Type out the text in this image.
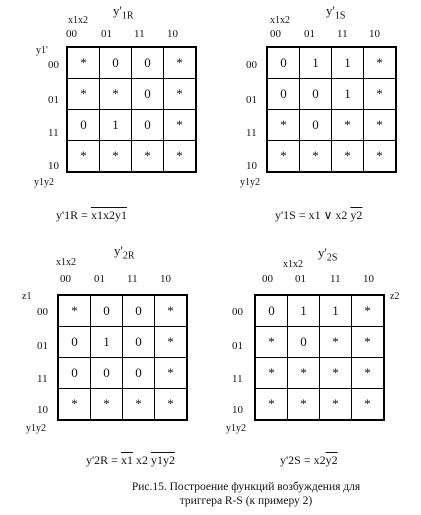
$y'_{1R}$
x1x2
y1'
00 01 11 10
00
01
11
10
y1y2
*	0	0	*
*	*	0	*
0	1	0	*
*	*	*	*
y'1R = x1x2y1
$y'_{1S}$
x1x2
00 01 11 10
00
01
11
10
y1y2
0	1	1	*
0	0	1	*
*	0	*	*
*	*	*	*
y'1S = x1 ∨ x2 y2
$y'_{2R}$
x1x2
z1
00 01 11 10
00
01
11
10
y1y2
*	0	0	*
0	1	0	*
0	0	0	*
*	*	*	*
y'2R = x1 x2 y1y2
$y'_{2S}$
x1x2
z2
00 01 11 10
00
01
11
10
y1y2
0	1	1	*
*	0	*	*
*	*	*	*
*	*	*	*
y'2S = x2y2
Рис.15. Построение функций возбуждения для
триггера R-S (к примеру 2)
